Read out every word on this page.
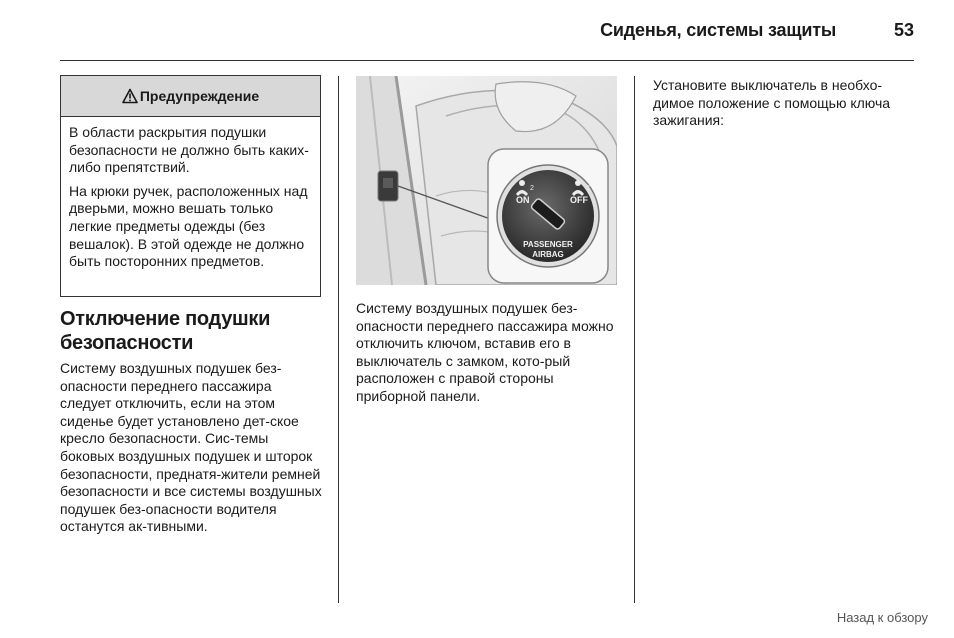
Сиденья, системы защиты	53
Предупреждение

В области раскрытия подушки безопасности не должно быть каких-либо препятствий.

На крюки ручек, расположенных над дверьми, можно вешать только легкие предметы одежды (без вешалок). В этой одежде не должно быть посторонних предметов.

Отключение подушки безопасности
Систему воздушных подушек без-опасности переднего пассажира следует отключить, если на этом сиденье будет установлено дет-ское кресло безопасности. Сис-темы боковых воздушных подушек и шторок безопасности, преднатя-жители ремней безопасности и все системы воздушных подушек без-опасности водителя останутся ак-тивными.
2	2
ON	OFF
PASSENGER
AIRBAG
Систему воздушных подушек без-опасности переднего пассажира можно отключить ключом, вставив его в выключатель с замком, кото-рый расположен с правой стороны приборной панели.
Установите выключатель в необхо-димое положение с помощью ключа зажигания:
Назад к обзору
